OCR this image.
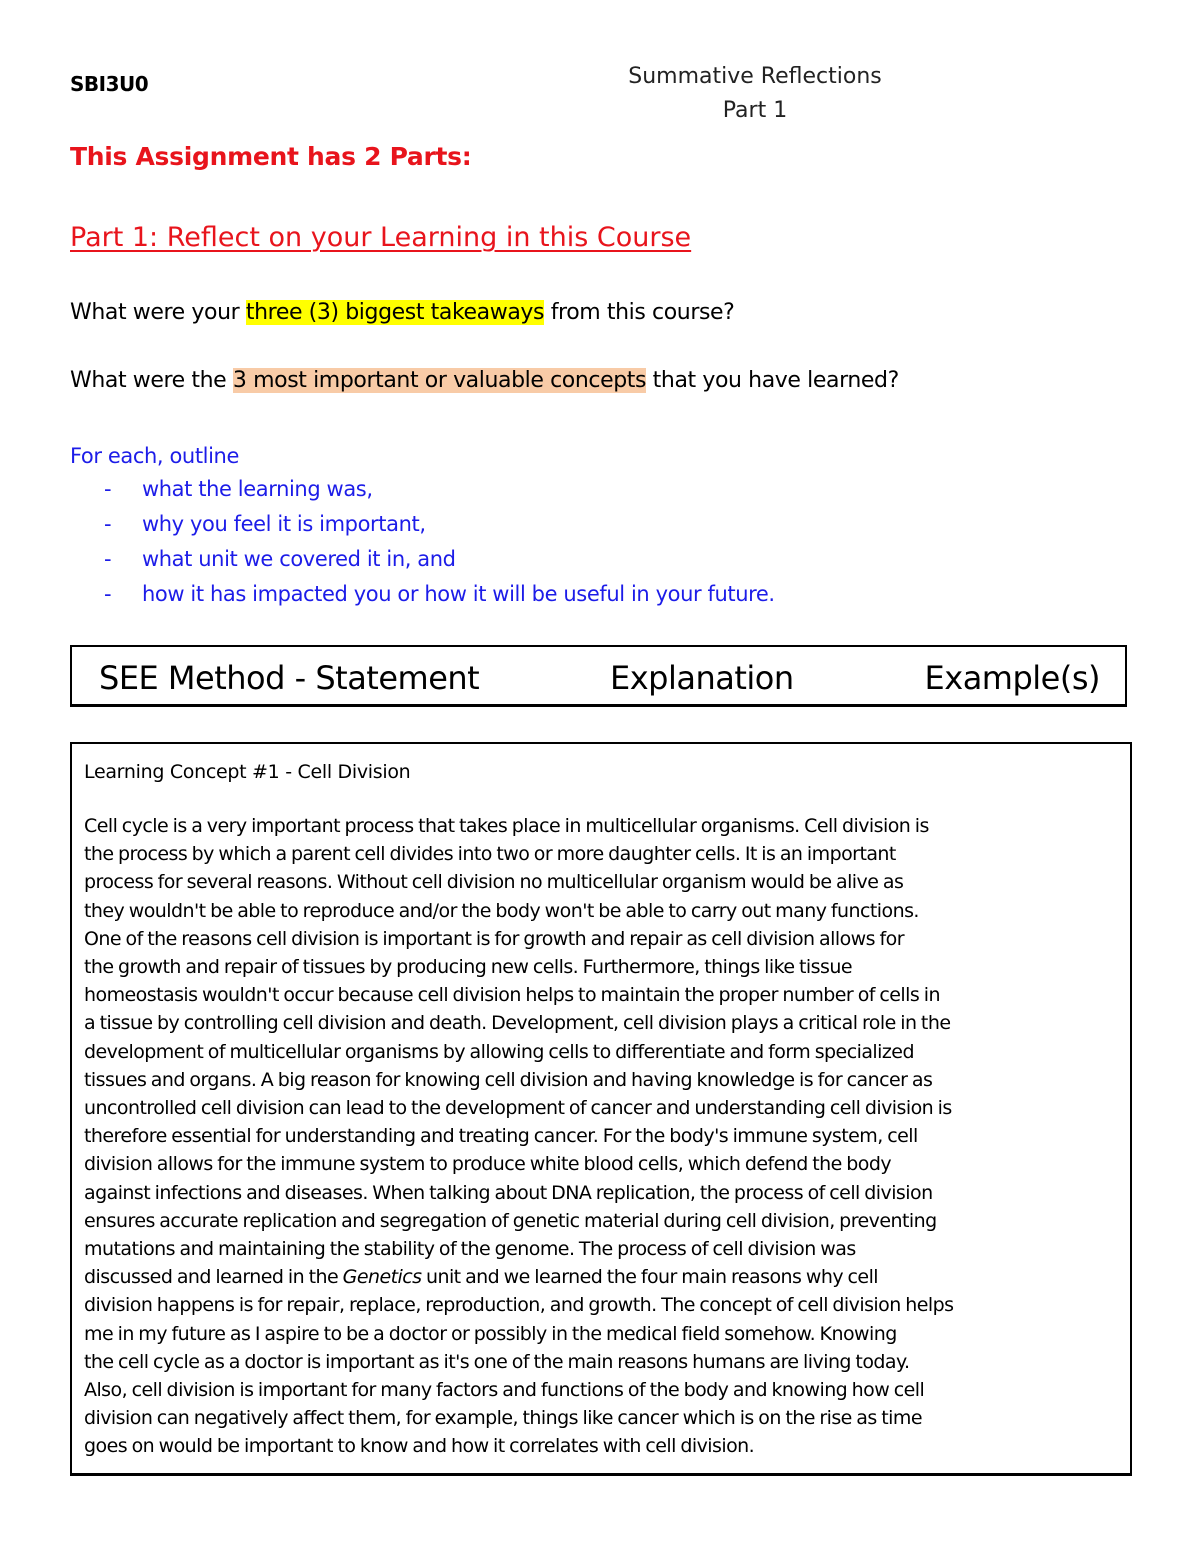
SBI3U0	Summative Reflections
Part 1
This Assignment has 2 Parts:
Part 1: Reflect on your Learning in this Course
What were your three (3) biggest takeaways from this course?
What were the 3 most important or valuable concepts that you have learned?
For each, outline
- what the learning was,
- why you feel it is important,
- what unit we covered it in, and
- how it has impacted you or how it will be useful in your future.
SEE Method - Statement	Explanation	Example(s)
Learning Concept #1 - Cell Division
Cell cycle is a very important process that takes place in multicellular organisms. Cell division is
the process by which a parent cell divides into two or more daughter cells. It is an important
process for several reasons. Without cell division no multicellular organism would be alive as
they wouldn't be able to reproduce and/or the body won't be able to carry out many functions.
One of the reasons cell division is important is for growth and repair as cell division allows for
the growth and repair of tissues by producing new cells. Furthermore, things like tissue
homeostasis wouldn't occur because cell division helps to maintain the proper number of cells in
a tissue by controlling cell division and death. Development, cell division plays a critical role in the
development of multicellular organisms by allowing cells to differentiate and form specialized
tissues and organs. A big reason for knowing cell division and having knowledge is for cancer as
uncontrolled cell division can lead to the development of cancer and understanding cell division is
therefore essential for understanding and treating cancer. For the body's immune system, cell
division allows for the immune system to produce white blood cells, which defend the body
against infections and diseases. When talking about DNA replication, the process of cell division
ensures accurate replication and segregation of genetic material during cell division, preventing
mutations and maintaining the stability of the genome. The process of cell division was
discussed and learned in the Genetics unit and we learned the four main reasons why cell
division happens is for repair, replace, reproduction, and growth. The concept of cell division helps
me in my future as I aspire to be a doctor or possibly in the medical field somehow. Knowing
the cell cycle as a doctor is important as it's one of the main reasons humans are living today.
Also, cell division is important for many factors and functions of the body and knowing how cell
division can negatively affect them, for example, things like cancer which is on the rise as time
goes on would be important to know and how it correlates with cell division.
